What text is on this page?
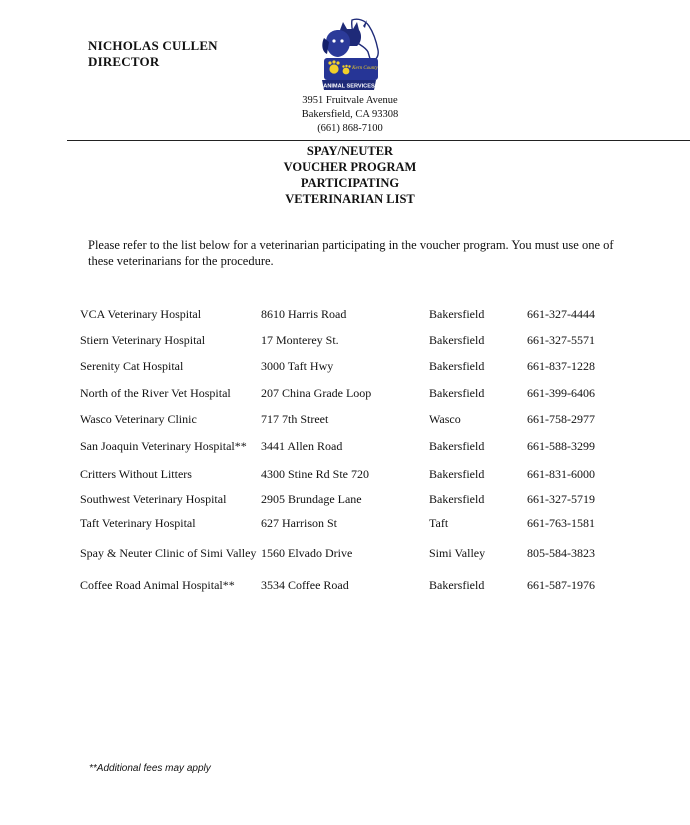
NICHOLAS CULLEN
DIRECTOR	Kern County
ANIMAL SERVICES
3951 Fruitvale Avenue
Bakersfield, CA 93308
(661) 868-7100
SPAY/NEUTER
VOUCHER PROGRAM
PARTICIPATING
VETERINARIAN LIST
Please refer to the list below for a veterinarian participating in the voucher program. You must use one of these veterinarians for the procedure.
VCA Veterinary Hospital	8610 Harris Road	Bakersfield	661-327-4444
Stiern Veterinary Hospital	17 Monterey St.	Bakersfield	661-327-5571
Serenity Cat Hospital	3000 Taft Hwy	Bakersfield	661-837-1228
North of the River Vet Hospital	207 China Grade Loop	Bakersfield	661-399-6406
Wasco Veterinary Clinic	717 7th Street	Wasco	661-758-2977
San Joaquin Veterinary Hospital**	3441 Allen Road	Bakersfield	661-588-3299
Critters Without Litters	4300 Stine Rd Ste 720	Bakersfield	661-831-6000
Southwest Veterinary Hospital	2905 Brundage Lane	Bakersfield	661-327-5719
Taft Veterinary Hospital	627 Harrison St	Taft	661-763-1581
Spay & Neuter Clinic of Simi Valley	1560 Elvado Drive	Simi Valley	805-584-3823
Coffee Road Animal Hospital**	3534 Coffee Road	Bakersfield	661-587-1976
**Additional fees may apply
